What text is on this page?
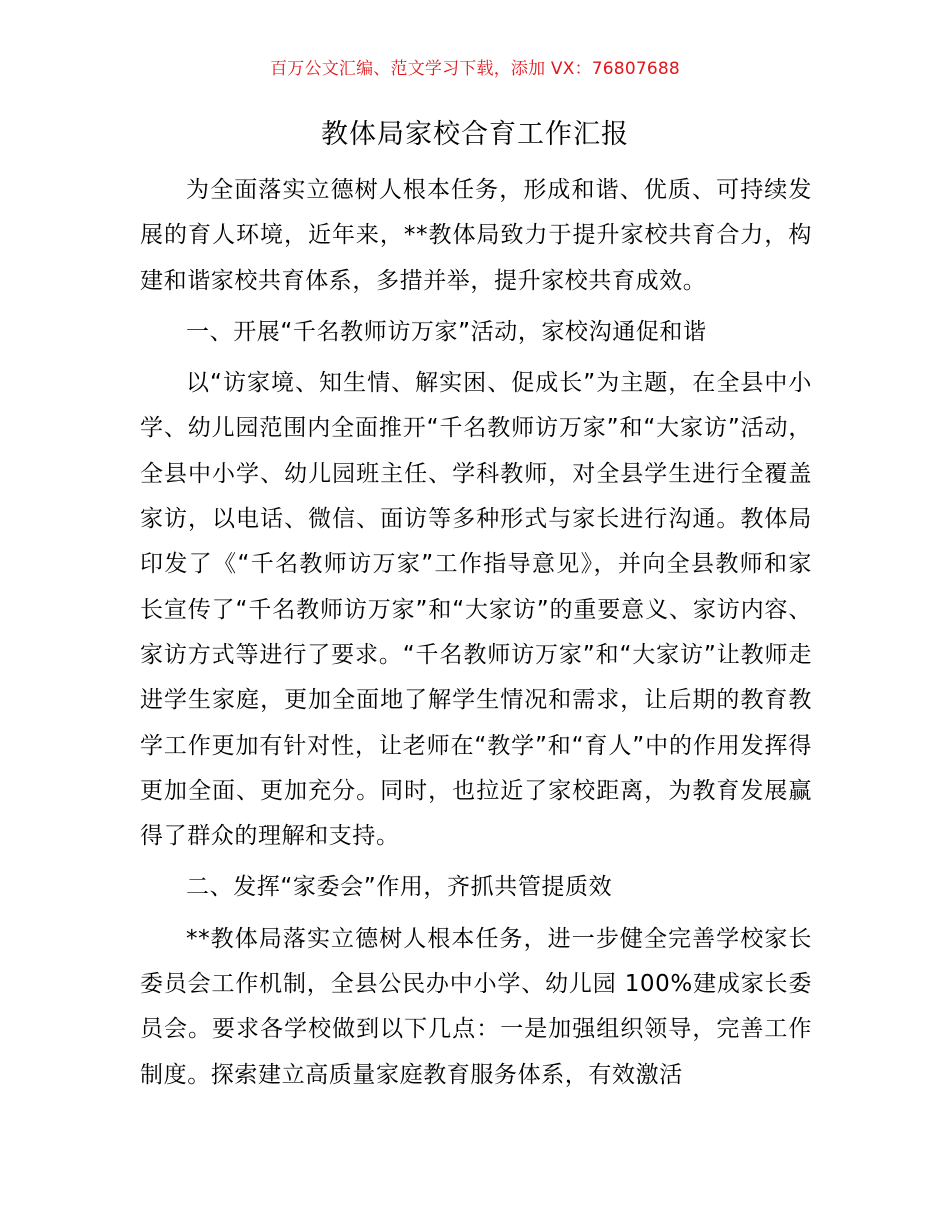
百万公文汇编、范文学习下载，添加 VX：76807688
教体局家校合育工作汇报

为全面落实立德树人根本任务，形成和谐、优质、可持续发展的育人环境，近年来，**教体局致力于提升家校共育合力，构建和谐家校共育体系，多措并举，提升家校共育成效。

一、开展“千名教师访万家”活动，家校沟通促和谐

以“访家境、知生情、解实困、促成长”为主题，在全县中小学、幼儿园范围内全面推开“千名教师访万家”和“大家访”活动，全县中小学、幼儿园班主任、学科教师，对全县学生进行全覆盖家访，以电话、微信、面访等多种形式与家长进行沟通。教体局印发了《“千名教师访万家”工作指导意见》，并向全县教师和家长宣传了“千名教师访万家”和“大家访”的重要意义、家访内容、家访方式等进行了要求。“千名教师访万家”和“大家访”让教师走进学生家庭，更加全面地了解学生情况和需求，让后期的教育教学工作更加有针对性，让老师在“教学”和“育人”中的作用发挥得更加全面、更加充分。同时，也拉近了家校距离，为教育发展赢得了群众的理解和支持。

二、发挥“家委会”作用，齐抓共管提质效

**教体局落实立德树人根本任务，进一步健全完善学校家长委员会工作机制，全县公民办中小学、幼儿园 100%建成家长委员会。要求各学校做到以下几点：一是加强组织领导，完善工作制度。探索建立高质量家庭教育服务体系，有效激活
